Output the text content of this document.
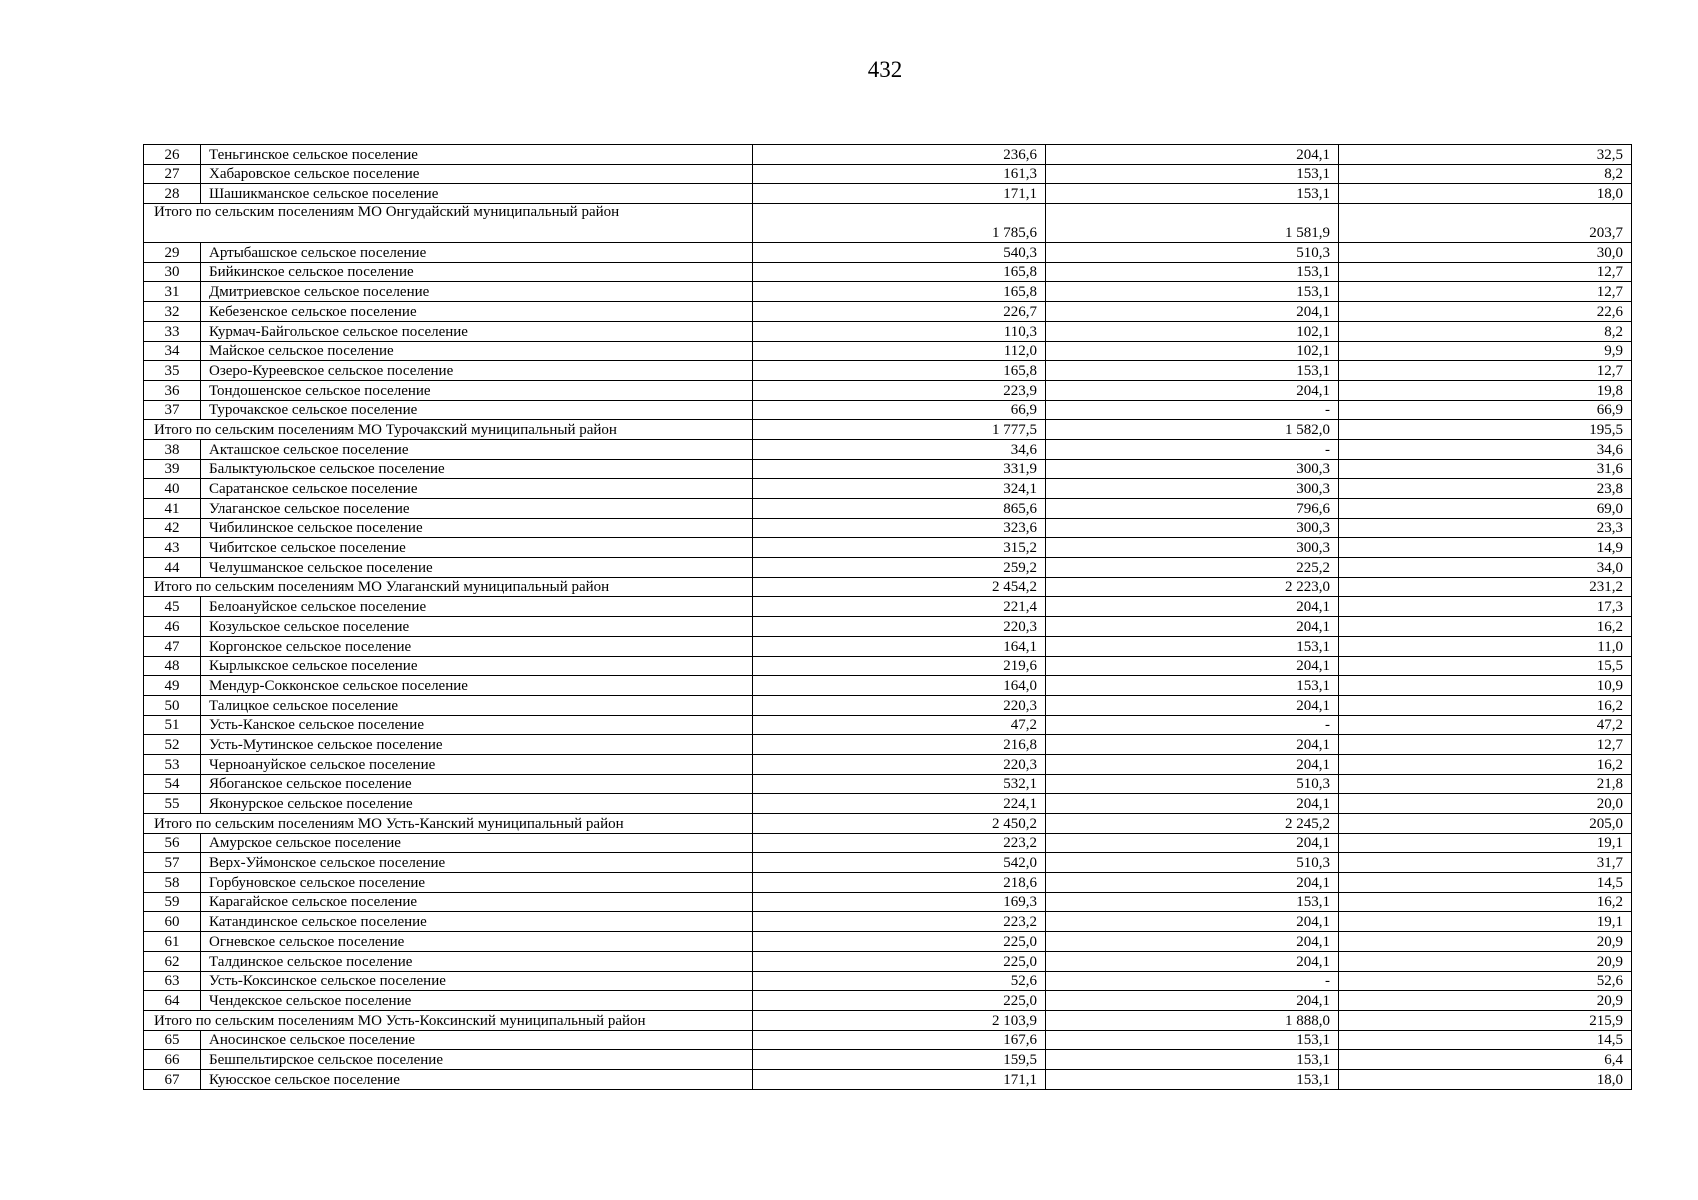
432
26	Теньгинское сельское поселение	236,6	204,1	32,5
27	Хабаровское сельское поселение	161,3	153,1	8,2
28	Шашикманское сельское поселение	171,1	153,1	18,0
Итого по сельским поселениям МО Онгудайский муниципальный район		1 785,6	1 581,9	203,7
29	Артыбашское сельское поселение	540,3	510,3	30,0
30	Бийкинское сельское поселение	165,8	153,1	12,7
31	Дмитриевское сельское поселение	165,8	153,1	12,7
32	Кебезенское сельское поселение	226,7	204,1	22,6
33	Курмач-Байгольское сельское поселение	110,3	102,1	8,2
34	Майское сельское поселение	112,0	102,1	9,9
35	Озеро-Куреевское сельское поселение	165,8	153,1	12,7
36	Тондошенское сельское поселение	223,9	204,1	19,8
37	Турочакское сельское поселение	66,9	-	66,9
Итого по сельским поселениям МО Турочакский муниципальный район		1 777,5	1 582,0	195,5
38	Акташское сельское поселение	34,6	-	34,6
39	Балыктуюльское сельское поселение	331,9	300,3	31,6
40	Саратанское сельское поселение	324,1	300,3	23,8
41	Улаганское сельское поселение	865,6	796,6	69,0
42	Чибилинское сельское поселение	323,6	300,3	23,3
43	Чибитское сельское поселение	315,2	300,3	14,9
44	Челушманское сельское поселение	259,2	225,2	34,0
Итого по сельским поселениям МО Улаганский муниципальный район		2 454,2	2 223,0	231,2
45	Белоануйское сельское поселение	221,4	204,1	17,3
46	Козульское сельское поселение	220,3	204,1	16,2
47	Коргонское сельское поселение	164,1	153,1	11,0
48	Кырлыкское сельское поселение	219,6	204,1	15,5
49	Мендур-Сокконское сельское поселение	164,0	153,1	10,9
50	Талицкое сельское поселение	220,3	204,1	16,2
51	Усть-Канское сельское поселение	47,2	-	47,2
52	Усть-Мутинское сельское поселение	216,8	204,1	12,7
53	Черноануйское сельское поселение	220,3	204,1	16,2
54	Ябоганское сельское поселение	532,1	510,3	21,8
55	Яконурское сельское поселение	224,1	204,1	20,0
Итого по сельским поселениям МО Усть-Канский муниципальный район		2 450,2	2 245,2	205,0
56	Амурское сельское поселение	223,2	204,1	19,1
57	Верх-Уймонское сельское поселение	542,0	510,3	31,7
58	Горбуновское сельское поселение	218,6	204,1	14,5
59	Карагайское сельское поселение	169,3	153,1	16,2
60	Катандинское сельское поселение	223,2	204,1	19,1
61	Огневское сельское поселение	225,0	204,1	20,9
62	Талдинское сельское поселение	225,0	204,1	20,9
63	Усть-Коксинское сельское поселение	52,6	-	52,6
64	Чендекское сельское поселение	225,0	204,1	20,9
Итого по сельским поселениям МО Усть-Коксинский муниципальный район		2 103,9	1 888,0	215,9
65	Аносинское сельское поселение	167,6	153,1	14,5
66	Бешпельтирское сельское поселение	159,5	153,1	6,4
67	Куюсское сельское поселение	171,1	153,1	18,0
